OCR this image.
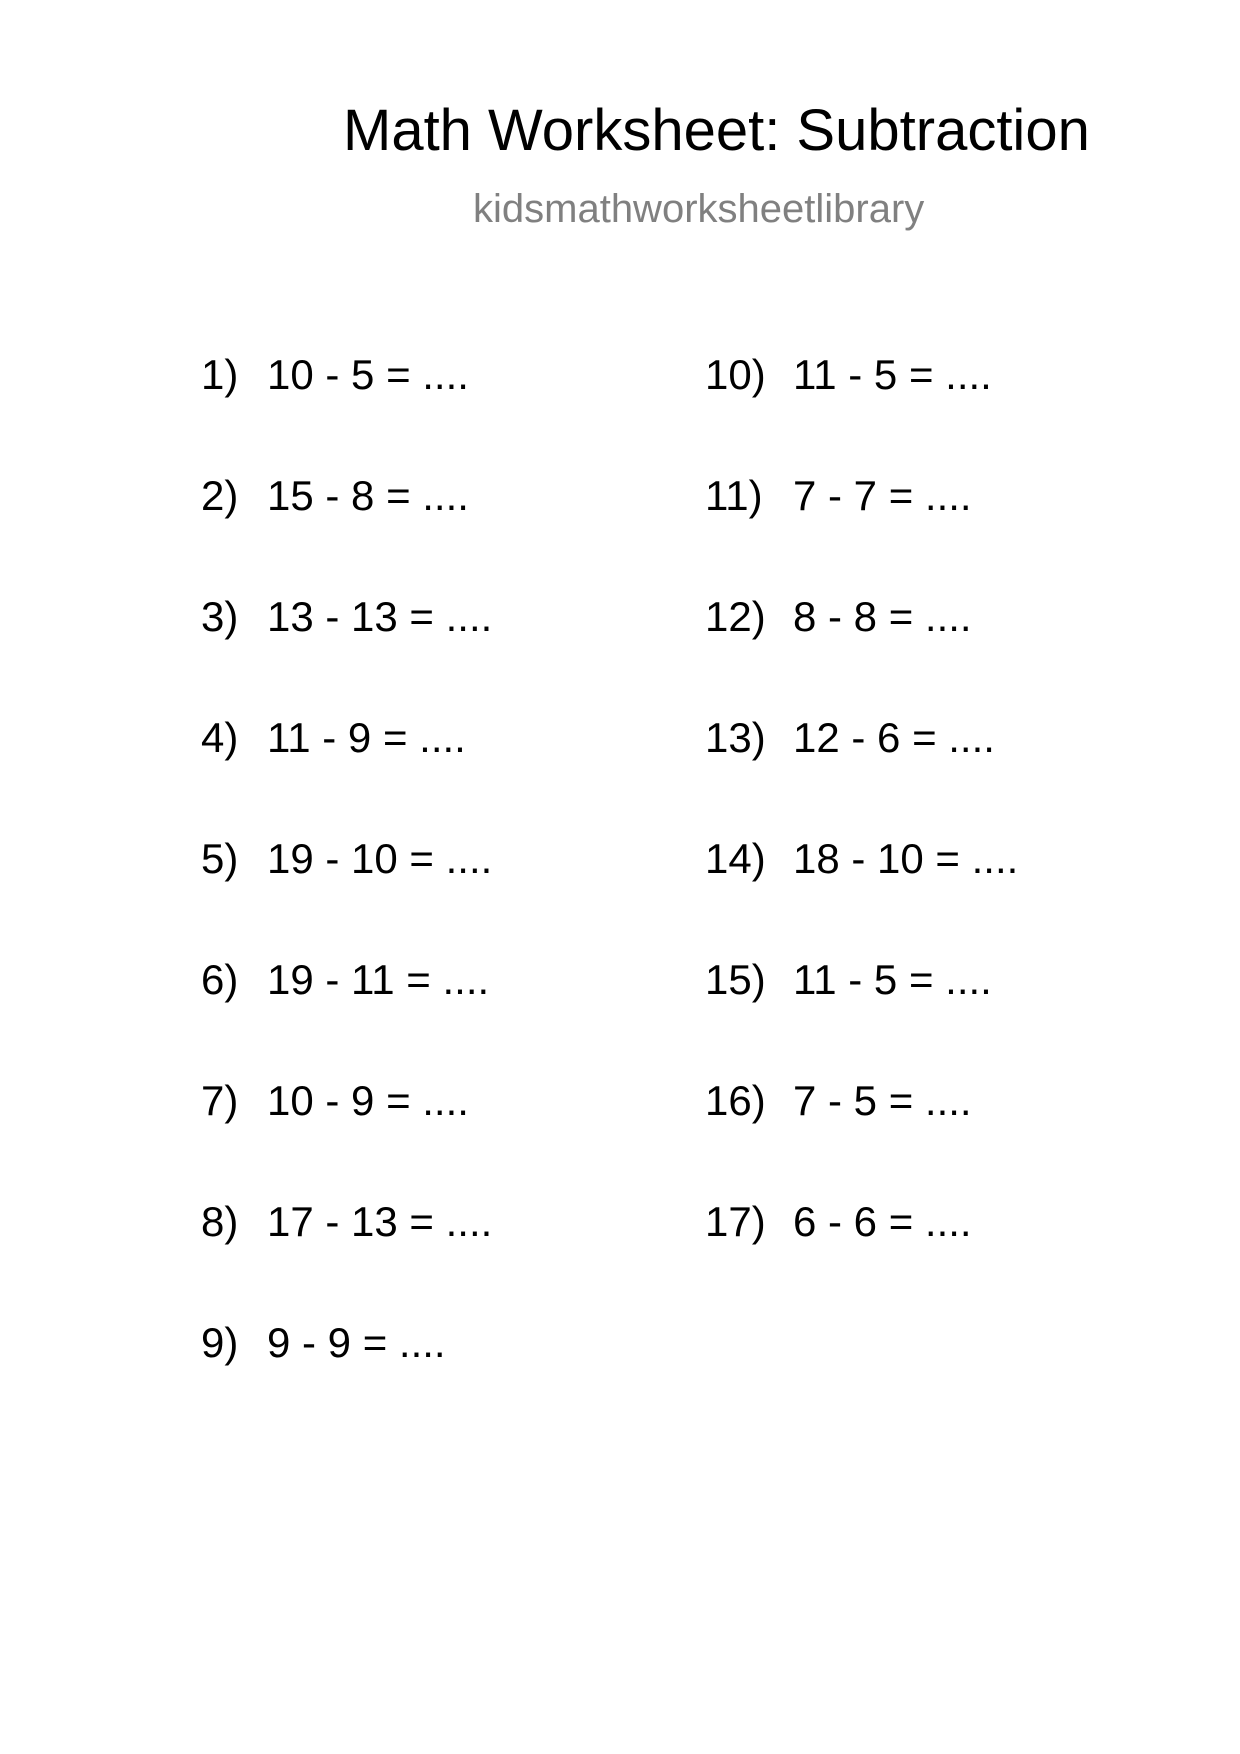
Math Worksheet: Subtraction
kidsmathworksheetlibrary
1) 10 - 5 = ....
2) 15 - 8 = ....
3) 13 - 13 = ....
4) 11 - 9 = ....
5) 19 - 10 = ....
6) 19 - 11 = ....
7) 10 - 9 = ....
8) 17 - 13 = ....
9) 9 - 9 = ....
10) 11 - 5 = ....
11) 7 - 7 = ....
12) 8 - 8 = ....
13) 12 - 6 = ....
14) 18 - 10 = ....
15) 11 - 5 = ....
16) 7 - 5 = ....
17) 6 - 6 = ....
